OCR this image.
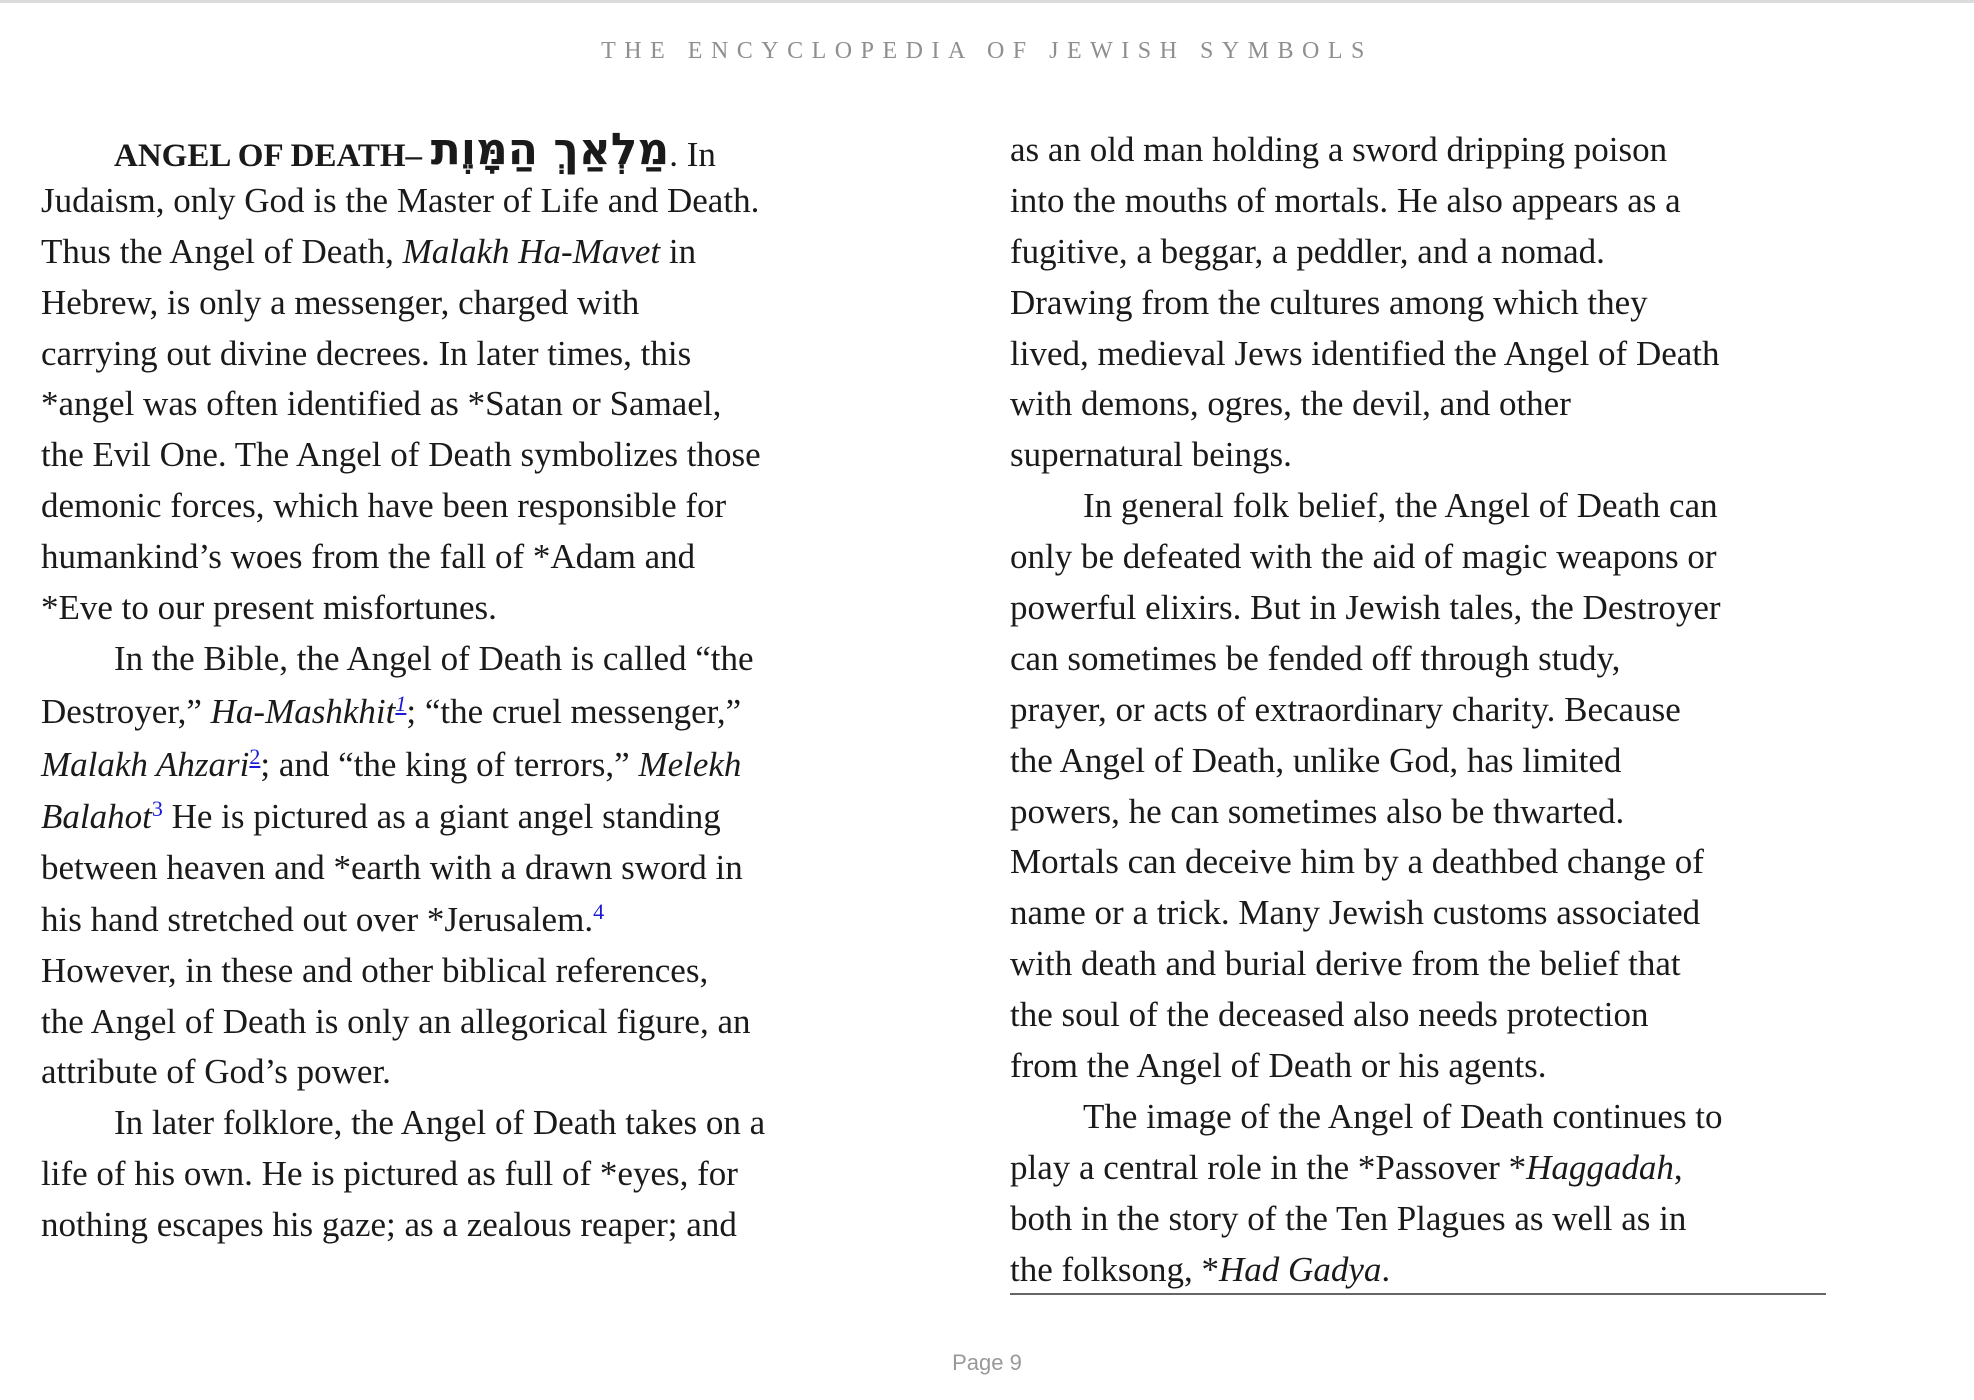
THE ENCYCLOPEDIA OF JEWISH SYMBOLS
ANGEL OF DEATH– מַלְאַךְ הַמָּוֶת. In
Judaism, only God is the Master of Life and Death.
Thus the Angel of Death, Malakh Ha-Mavet in
Hebrew, is only a messenger, charged with
carrying out divine decrees. In later times, this
*angel was often identified as *Satan or Samael,
the Evil One. The Angel of Death symbolizes those
demonic forces, which have been responsible for
humankind’s woes from the fall of *Adam and
*Eve to our present misfortunes.
In the Bible, the Angel of Death is called “the
Destroyer,” Ha-Mashkhit$^1$; “the cruel messenger,”
Malakh Ahzari$^2$; and “the king of terrors,” Melekh
Balahot$^3$ He is pictured as a giant angel standing
between heaven and *earth with a drawn sword in
his hand stretched out over *Jerusalem.$^4$
However, in these and other biblical references,
the Angel of Death is only an allegorical figure, an
attribute of God’s power.
In later folklore, the Angel of Death takes on a
life of his own. He is pictured as full of *eyes, for
nothing escapes his gaze; as a zealous reaper; and
as an old man holding a sword dripping poison
into the mouths of mortals. He also appears as a
fugitive, a beggar, a peddler, and a nomad.
Drawing from the cultures among which they
lived, medieval Jews identified the Angel of Death
with demons, ogres, the devil, and other
supernatural beings.
In general folk belief, the Angel of Death can
only be defeated with the aid of magic weapons or
powerful elixirs. But in Jewish tales, the Destroyer
can sometimes be fended off through study,
prayer, or acts of extraordinary charity. Because
the Angel of Death, unlike God, has limited
powers, he can sometimes also be thwarted.
Mortals can deceive him by a deathbed change of
name or a trick. Many Jewish customs associated
with death and burial derive from the belief that
the soul of the deceased also needs protection
from the Angel of Death or his agents.
The image of the Angel of Death continues to
play a central role in the *Passover *Haggadah,
both in the story of the Ten Plagues as well as in
the folksong, *Had Gadya.
Page 9
